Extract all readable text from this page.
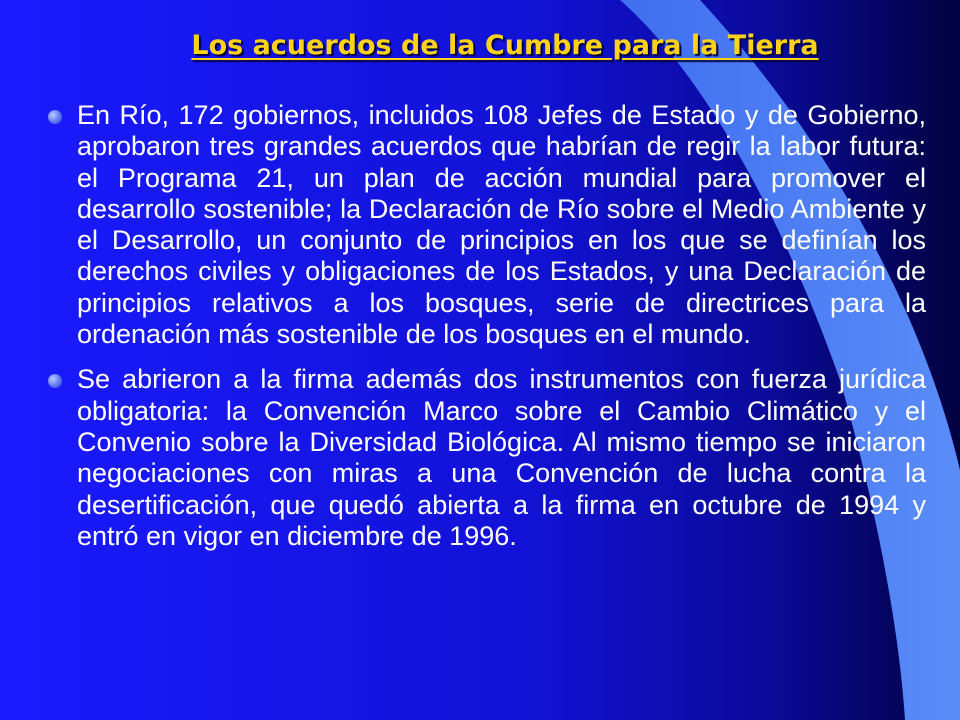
Los acuerdos de la Cumbre para la Tierra
En Río, 172 gobiernos, incluidos 108 Jefes de Estado y de Gobierno, aprobaron tres grandes acuerdos que habrían de regir la labor futura: el Programa 21, un plan de acción mundial para promover el desarrollo sostenible; la Declaración de Río sobre el Medio Ambiente y el Desarrollo, un conjunto de principios en los que se definían los derechos civiles y obligaciones de los Estados, y una Declaración de principios relativos a los bosques, serie de directrices para la ordenación más sostenible de los bosques en el mundo.
Se abrieron a la firma además dos instrumentos con fuerza jurídica obligatoria: la Convención Marco sobre el Cambio Climático y el Convenio sobre la Diversidad Biológica. Al mismo tiempo se iniciaron negociaciones con miras a una Convención de lucha contra la desertificación, que quedó abierta a la firma en octubre de 1994 y entró en vigor en diciembre de 1996.
